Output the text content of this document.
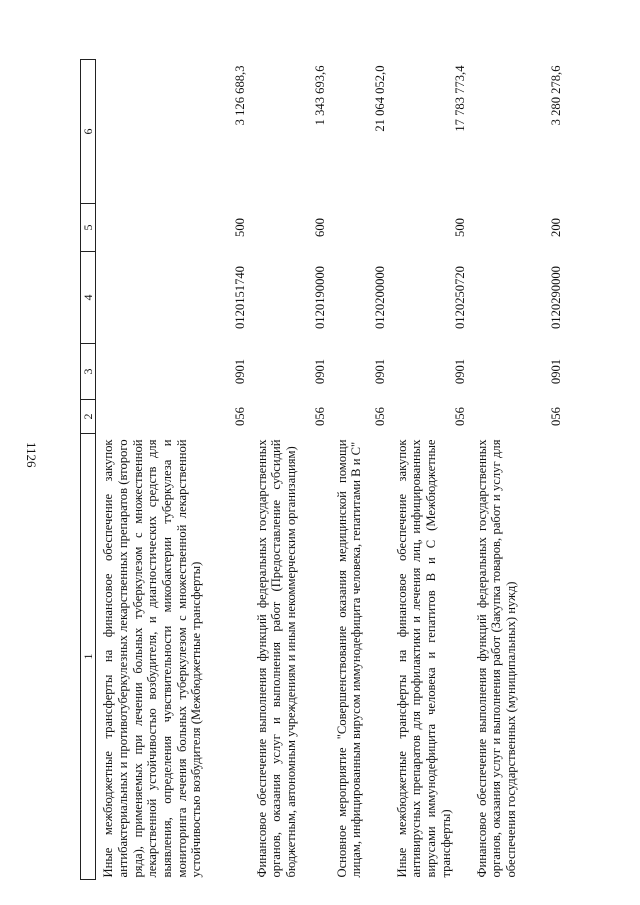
1126
1	2	3	4	5	6
Иные межбюджетные трансферты на финансовое обеспечение закупок антибактериальных и противотуберкулезных лекарственных препаратов (второго ряда), применяемых при лечении больных туберкулезом с множественной лекарственной устойчивостью возбудителя, и диагностических средств для выявления, определения чувствительности микобактерии туберкулеза и мониторинга лечения больных туберкулезом с множественной лекарственной устойчивостью возбудителя (Межбюджетные трансферты)	056	0901	0120151740	500	3 126 688,3
Финансовое обеспечение выполнения функций федеральных государственных органов, оказания услуг и выполнения работ (Предоставление субсидий бюджетным, автономным учреждениям и иным некоммерческим организациям)	056	0901	0120190000	600	1 343 693,6
Основное мероприятие "Совершенствование оказания медицинской помощи лицам, инфицированным вирусом иммунодефицита человека, гепатитами В и С"	056	0901	0120200000		21 064 052,0
Иные межбюджетные трансферты на финансовое обеспечение закупок антивирусных препаратов для профилактики и лечения лиц, инфицированных вирусами иммунодефицита человека и гепатитов В и С (Межбюджетные трансферты)	056	0901	0120250720	500	17 783 773,4
Финансовое обеспечение выполнения функций федеральных государственных органов, оказания услуг и выполнения работ (Закупка товаров, работ и услуг для обеспечения государственных (муниципальных) нужд)	056	0901	0120290000	200	3 280 278,6
